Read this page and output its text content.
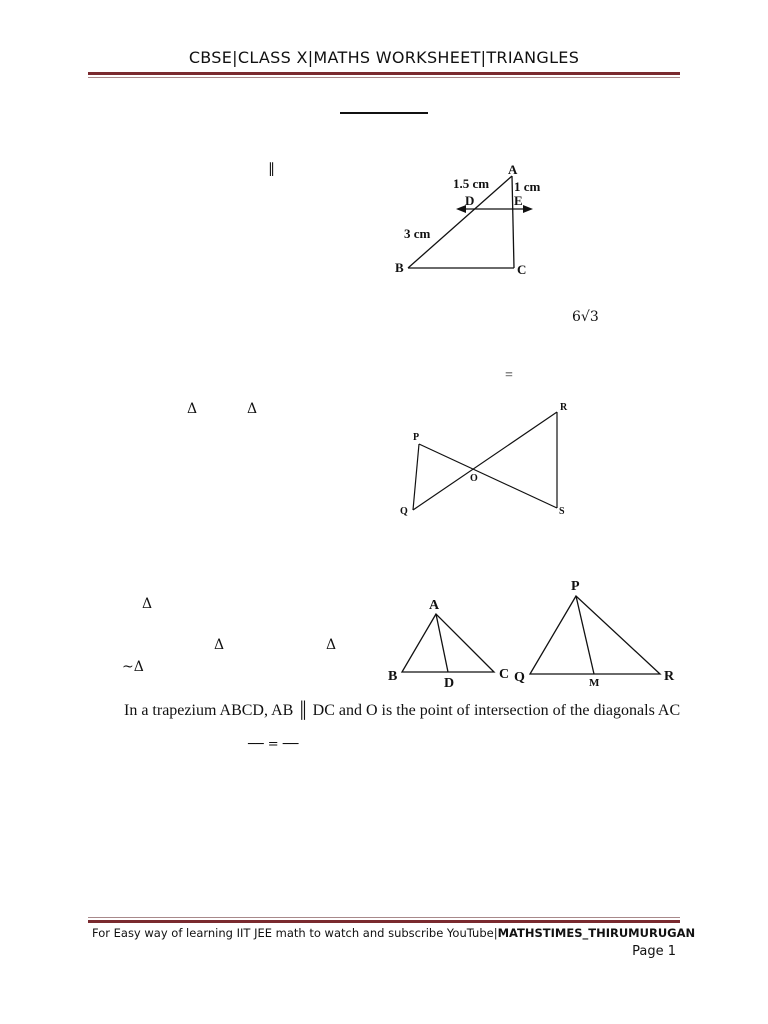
CBSE|CLASS X|MATHS WORKSHEET|TRIANGLES
∥
6√3
=
Δ	Δ
Δ
Δ	Δ
~Δ
A
1.5 cm 1 cm
D	E
3 cm
B	C
P
Q
R
S
O
A
B	C
D
P
Q	R
M
In a trapezium ABCD, AB ║ DC and O is the point of intersection of the diagonals AC
── = ──
For Easy way of learning IIT JEE math to watch and subscribe YouTube|MATHSTIMES_THIRUMURUGAN
Page 1
